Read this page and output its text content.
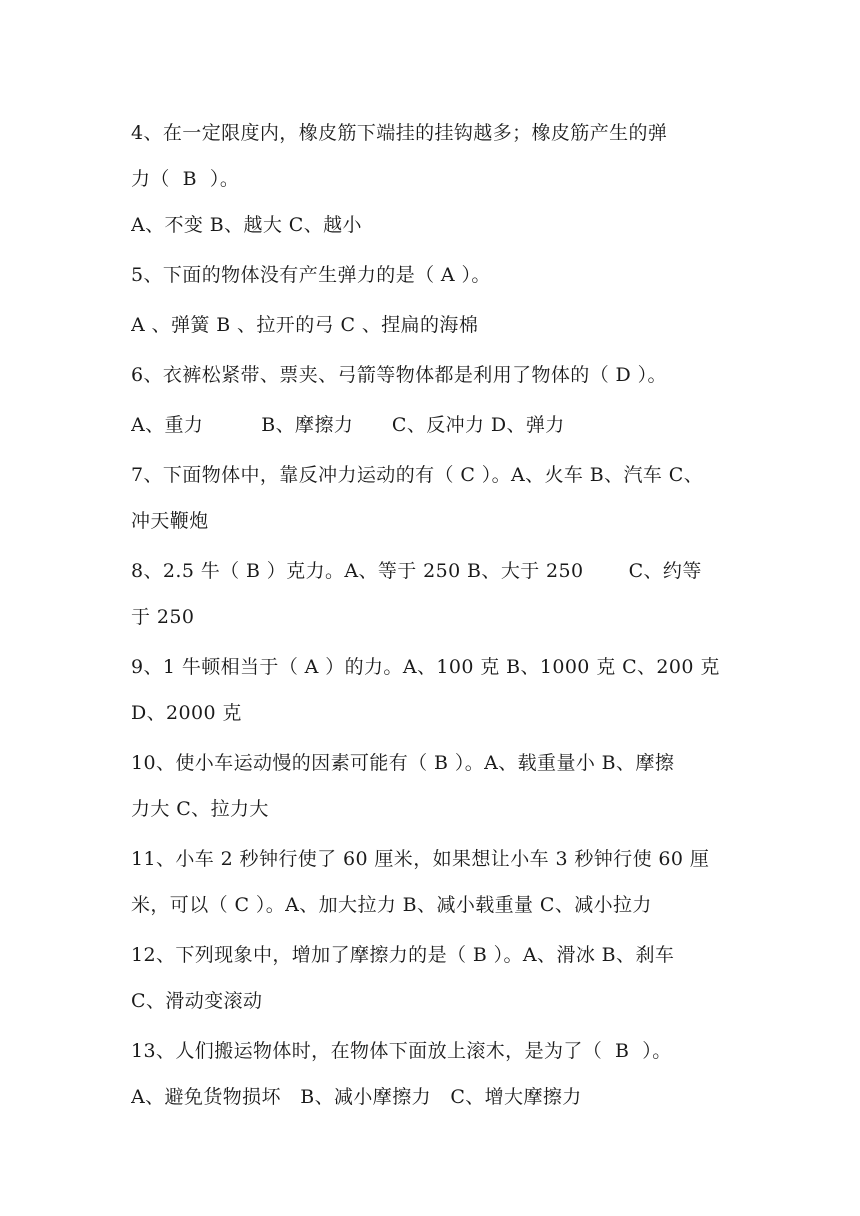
4、在一定限度内，橡皮筋下端挂的挂钩越多；橡皮筋产生的弹
力（  B  ）。
A、不变 B、越大 C、越小
5、下面的物体没有产生弹力的是（ A ）。
A 、弹簧 B 、拉开的弓 C 、捏扁的海棉
6、衣裤松紧带、票夹、弓箭等物体都是利用了物体的（ D ）。
A、重力         B、摩擦力      C、反冲力 D、弹力
7、下面物体中，靠反冲力运动的有（ C ）。A、火车 B、汽车 C、
冲天鞭炮
8、2.5 牛（ B ）克力。A、等于 250 B、大于 250       C、约等
于 250
9、1 牛顿相当于（ A ）的力。A、100 克 B、1000 克 C、200 克
D、2000 克
10、使小车运动慢的因素可能有（ B ）。A、载重量小 B、摩擦
力大 C、拉力大
11、小车 2 秒钟行使了 60 厘米，如果想让小车 3 秒钟行使 60 厘
米，可以（ C ）。A、加大拉力 B、减小载重量 C、减小拉力
12、下列现象中，增加了摩擦力的是（ B ）。A、滑冰 B、刹车
C、滑动变滚动
13、人们搬运物体时，在物体下面放上滚木，是为了（  B  ）。
A、避免货物损坏   B、减小摩擦力   C、增大摩擦力
